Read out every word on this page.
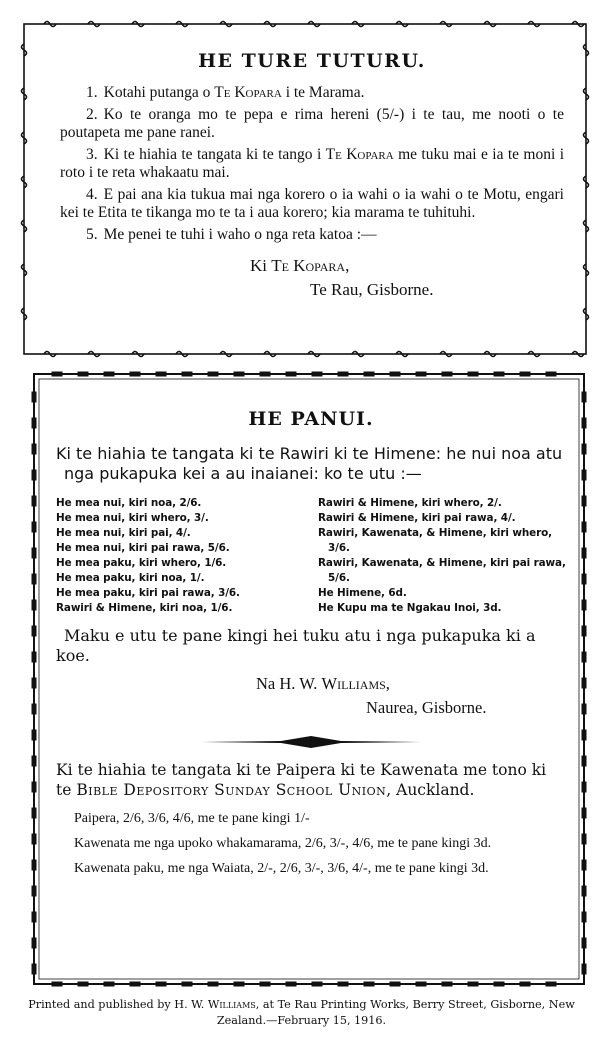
HE TURE TUTURU.

1. Kotahi putanga o Te Kopara i te Marama.

2. Ko te oranga mo te pepa e rima hereni (5/-) i te tau, me nooti o te poutapeta me pane ranei.

3. Ki te hiahia te tangata ki te tango i Te Kopara me tuku mai e ia te moni i roto i te reta whakaatu mai.

4. E pai ana kia tukua mai nga korero o ia wahi o ia wahi o te Motu, engari kei te Etita te tikanga mo te ta i aua korero; kia marama te tuhituhi.

5. Me penei te tuhi i waho o nga reta katoa :—

Ki Te Kopara,
Te Rau, Gisborne.
HE PANUI.

Ki te hiahia te tangata ki te Rawiri ki te Himene: he nui noa atu nga pukapuka kei a au inaianei: ko te utu :—

He mea nui, kiri noa, 2/6.
He mea nui, kiri whero, 3/.
He mea nui, kiri pai, 4/.
He mea nui, kiri pai rawa, 5/6.
He mea paku, kiri whero, 1/6.
He mea paku, kiri noa, 1/.
He mea paku, kiri pai rawa, 3/6.
Rawiri & Himene, kiri noa, 1/6.
Rawiri & Himene, kiri whero, 2/.
Rawiri & Himene, kiri pai rawa, 4/.
Rawiri, Kawenata, & Himene, kiri whero, 3/6.
Rawiri, Kawenata, & Himene, kiri pai rawa, 5/6.
He Himene, 6d.
He Kupu ma te Ngakau Inoi, 3d.

Maku e utu te pane kingi hei tuku atu i nga pukapuka ki a koe.

Na H. W. Williams,
Naurea, Gisborne.

Ki te hiahia te tangata ki te Paipera ki te Kawenata me tono ki te Bible Depository Sunday School Union, Auckland.

Paipera, 2/6, 3/6, 4/6, me te pane kingi 1/-

Kawenata me nga upoko whakamarama, 2/6, 3/-, 4/6, me te pane kingi 3d.

Kawenata paku, me nga Waiata, 2/-, 2/6, 3/-, 3/6, 4/-, me te pane kingi 3d.

Printed and published by H. W. Williams, at Te Rau Printing Works, Berry Street, Gisborne, New Zealand.—February 15, 1916.
